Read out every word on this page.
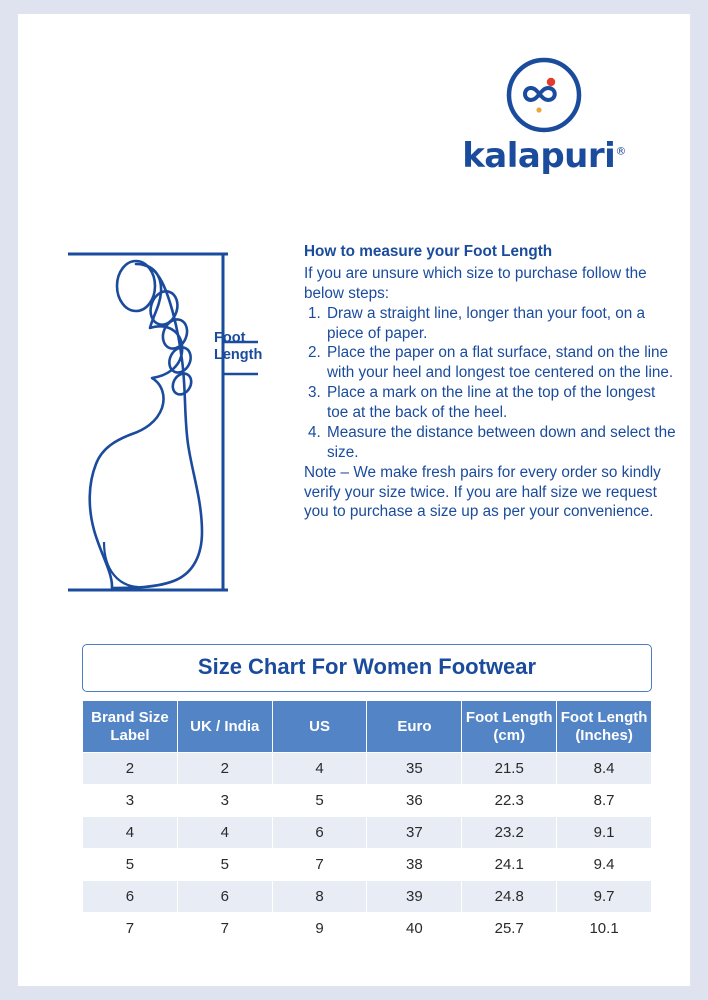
kalapuri®
Foot
Length
How to measure your Foot Length

If you are unsure which size to purchase follow the below steps:

1. Draw a straight line, longer than your foot, on a piece of paper.
2. Place the paper on a flat surface, stand on the line with your heel and longest toe centered on the line.
3. Place a mark on the line at the top of the longest toe at the back of the heel.
4. Measure the distance between down and select the size.

Note – We make fresh pairs for every order so kindly verify your size twice. If you are half size we request you to purchase a size up as per your convenience.

Size Chart For Women Footwear
Brand Size Label	UK / India	US	Euro	Foot Length (cm)	Foot Length (Inches)
2	2	4	35	21.5	8.4
3	3	5	36	22.3	8.7
4	4	6	37	23.2	9.1
5	5	7	38	24.1	9.4
6	6	8	39	24.8	9.7
7	7	9	40	25.7	10.1
